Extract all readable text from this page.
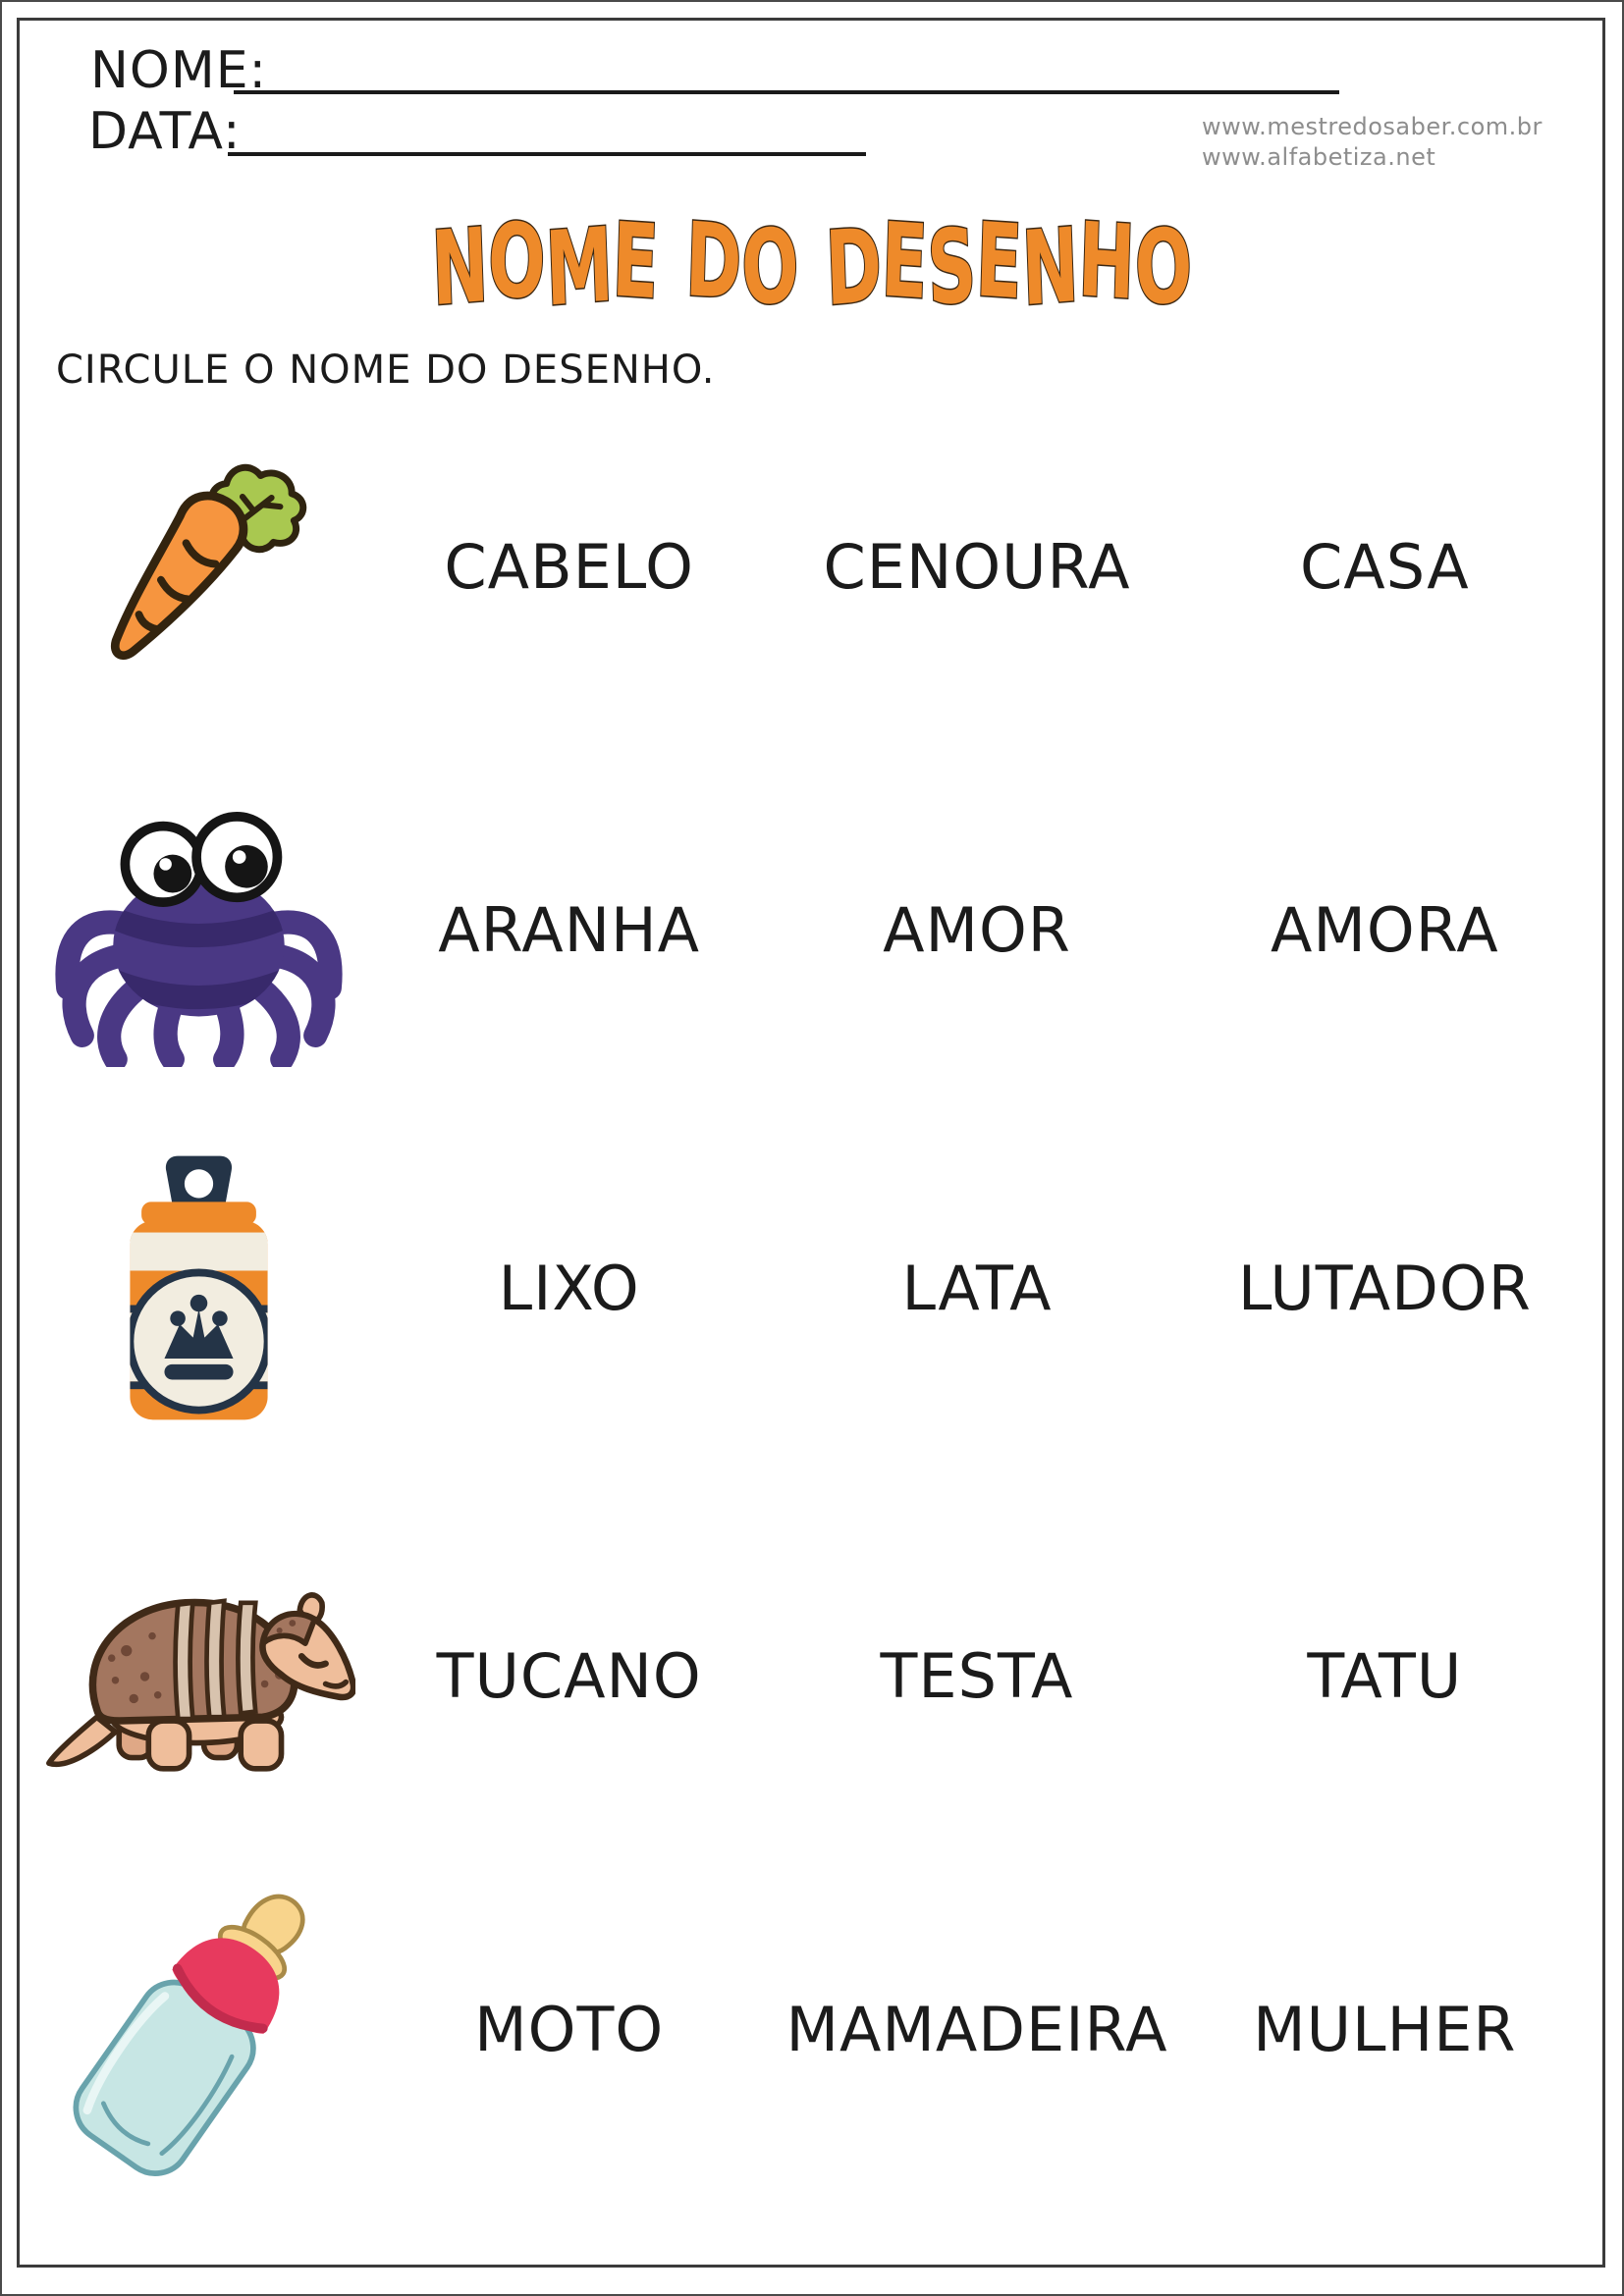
NOME:
DATA:	www.mestredosaber.com.br
www.alfabetiza.net
NOME DO DESENHO
CIRCULE O NOME DO DESENHO.
CABELO	CENOURA	CASA
ARANHA	AMOR	AMORA
LIXO	LATA	LUTADOR
TUCANO	TESTA	TATU
MOTO	MAMADEIRA	MULHER
